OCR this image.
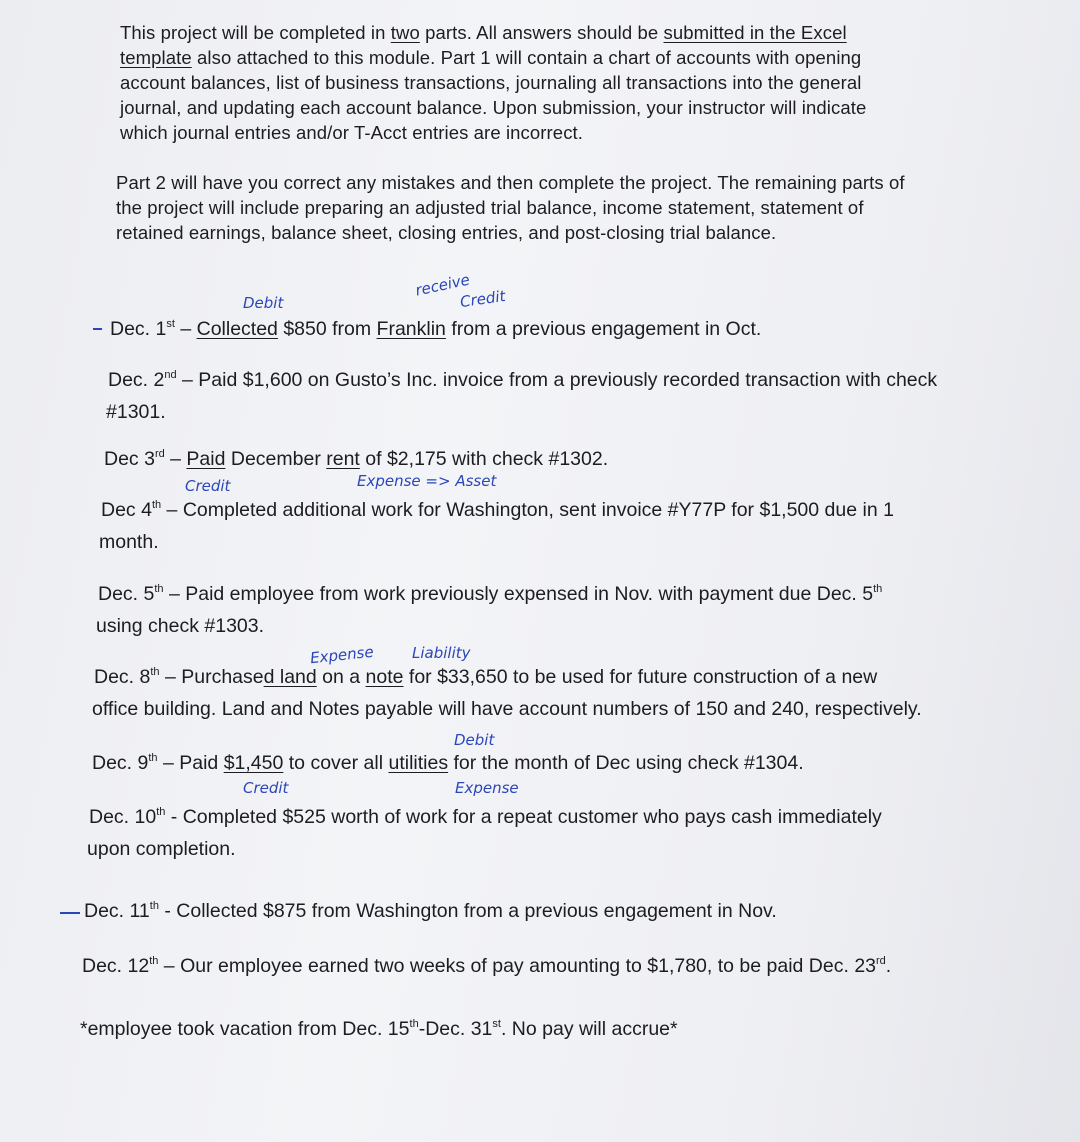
This project will be completed in two parts. All answers should be submitted in the Excel
template also attached to this module. Part 1 will contain a chart of accounts with opening
account balances, list of business transactions, journaling all transactions into the general
journal, and updating each account balance. Upon submission, your instructor will indicate
which journal entries and/or T-Acct entries are incorrect.
Part 2 will have you correct any mistakes and then complete the project. The remaining parts of
the project will include preparing an adjusted trial balance, income statement, statement of
retained earnings, balance sheet, closing entries, and post-closing trial balance.
Debit
receive
Credit
Credit	Expense => Asset
Expense	Liability
Debit
Credit	Expense
Dec. 1st – Collected $850 from Franklin from a previous engagement in Oct.
Dec. 2nd – Paid $1,600 on Gusto’s Inc. invoice from a previously recorded transaction with check
#1301.
Dec 3rd – Paid December rent of $2,175 with check #1302.
Dec 4th – Completed additional work for Washington, sent invoice #Y77P for $1,500 due in 1
month.
Dec. 5th – Paid employee from work previously expensed in Nov. with payment due Dec. 5th
using check #1303.
Dec. 8th – Purchased land on a note for $33,650 to be used for future construction of a new
office building. Land and Notes payable will have account numbers of 150 and 240, respectively.
Dec. 9th – Paid $1,450 to cover all utilities for the month of Dec using check #1304.
Dec. 10th - Completed $525 worth of work for a repeat customer who pays cash immediately
upon completion.
Dec. 11th - Collected $875 from Washington from a previous engagement in Nov.
Dec. 12th – Our employee earned two weeks of pay amounting to $1,780, to be paid Dec. 23rd.
*employee took vacation from Dec. 15th-Dec. 31st. No pay will accrue*
